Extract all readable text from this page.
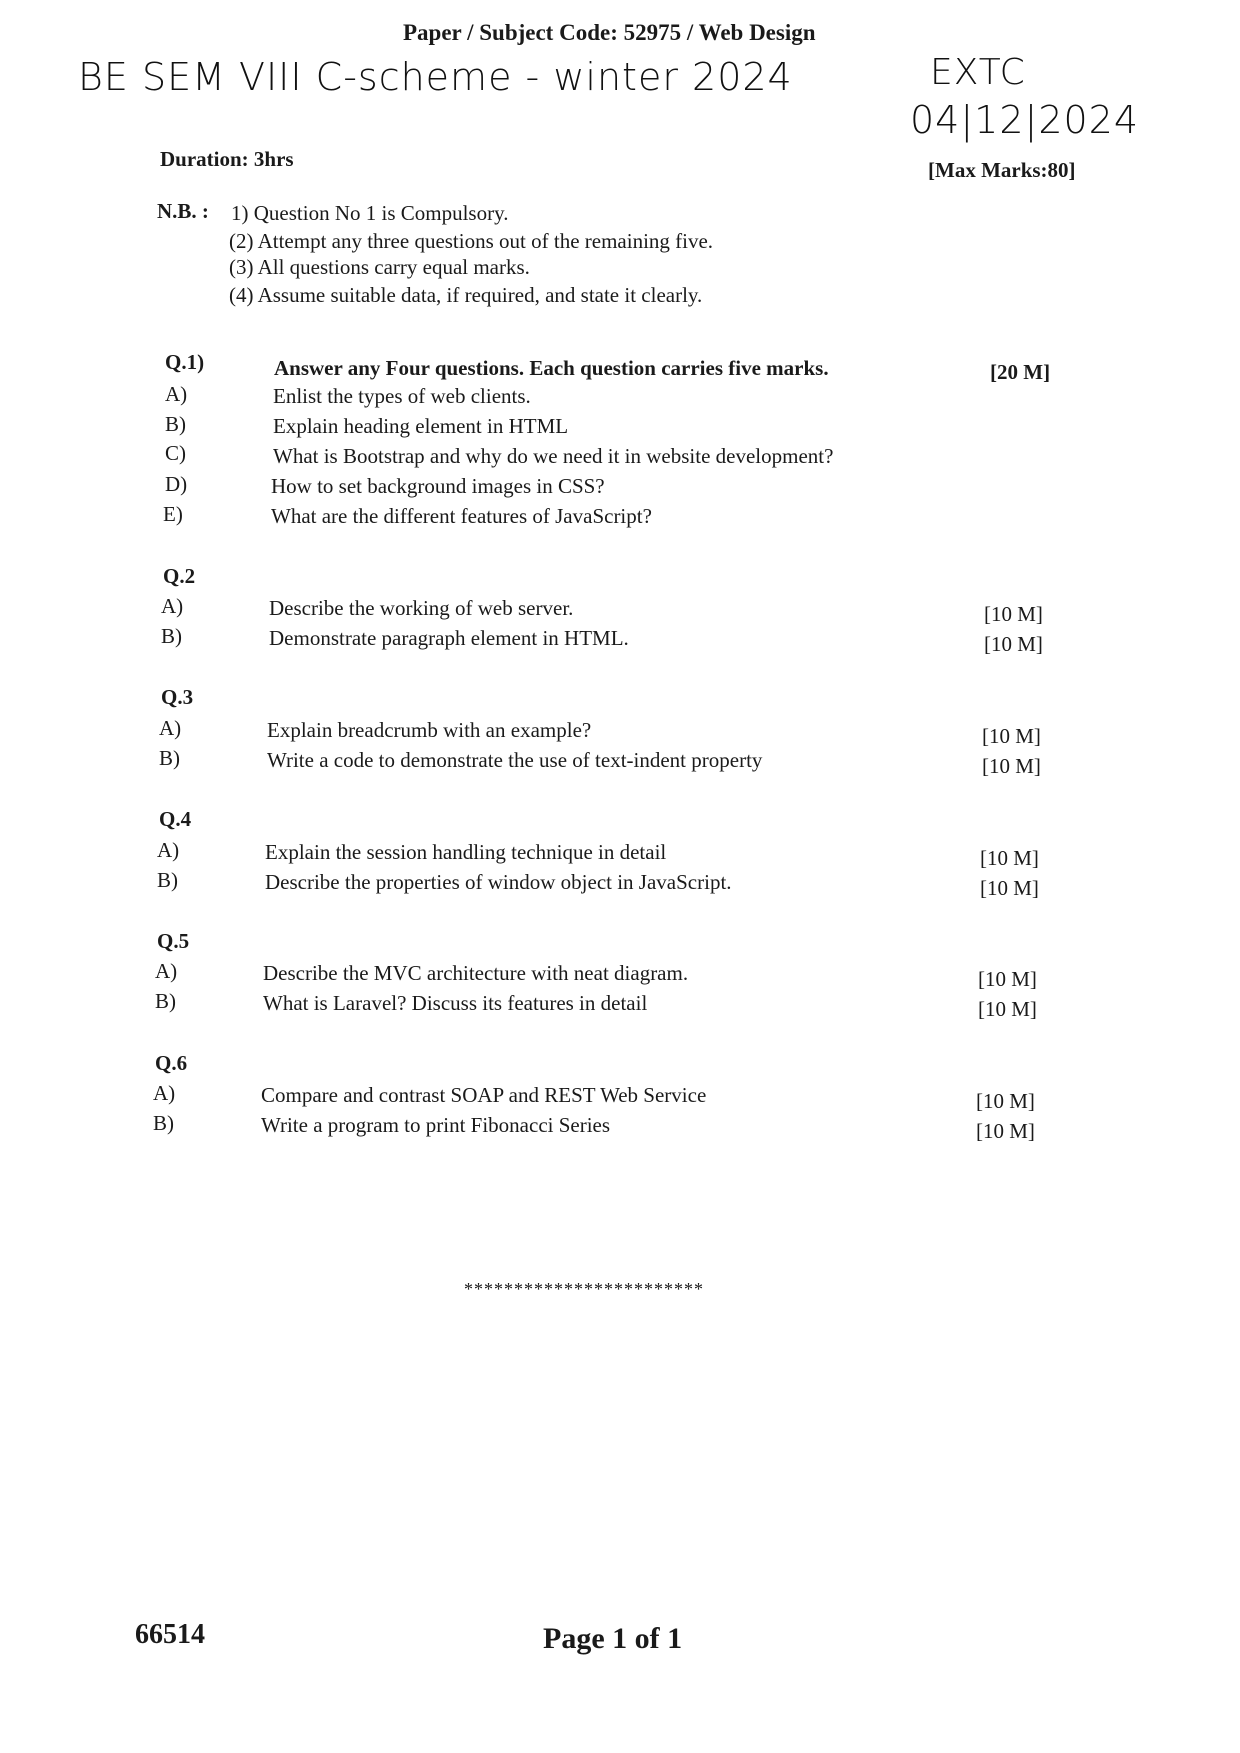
Paper / Subject Code: 52975 / Web Design
BE SEM VIII C-scheme - winter 2024	EXTC
04|12|2024
Duration: 3hrs	[Max Marks:80]
N.B. : 1) Question No 1 is Compulsory.
(2) Attempt any three questions out of the remaining five.
(3) All questions carry equal marks.
(4) Assume suitable data, if required, and state it clearly.
Q.1)	Answer any Four questions. Each question carries five marks.	[20 M]
A)	Enlist the types of web clients.
B)	Explain heading element in HTML
C)	What is Bootstrap and why do we need it in website development?
D)	How to set background images in CSS?
E)	What are the different features of JavaScript?
Q.2
A)	Describe the working of web server.	[10 M]
B)	Demonstrate paragraph element in HTML.	[10 M]
Q.3
A)	Explain breadcrumb with an example?	[10 M]
B)	Write a code to demonstrate the use of text-indent property	[10 M]
Q.4
A)	Explain the session handling technique in detail	[10 M]
B)	Describe the properties of window object in JavaScript.	[10 M]
Q.5
A)	Describe the MVC architecture with neat diagram.	[10 M]
B)	What is Laravel? Discuss its features in detail	[10 M]
Q.6
A)	Compare and contrast SOAP and REST Web Service	[10 M]
B)	Write a program to print Fibonacci Series	[10 M]
************************
66514	Page 1 of 1
